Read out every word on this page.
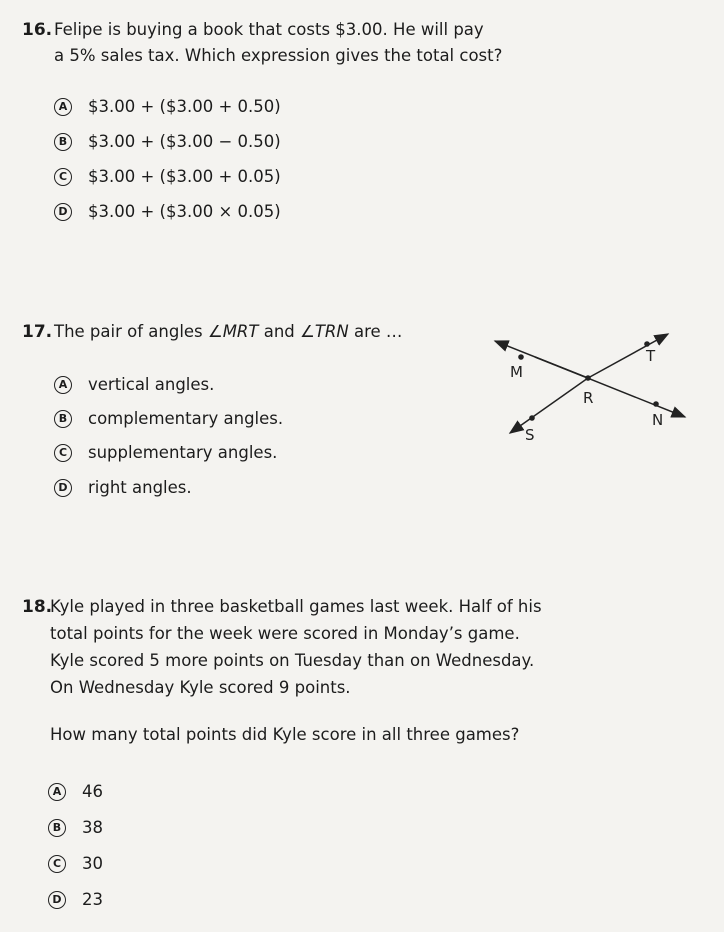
16. Felipe is buying a book that costs $3.00. He will pay
a 5% sales tax. Which expression gives the total cost?
A $3.00 + ($3.00 + 0.50)
B $3.00 + ($3.00 − 0.50)
C	$3.00 + ($3.00 + 0.05)
D $3.00 + ($3.00 × 0.05)
17. The pair of angles ∠MRT and ∠TRN are …
A vertical angles.
B complementary angles.
C	supplementary angles.
D right angles.
M
T
R
N
S
18.
Kyle played in three basketball games last week. Half of his
total points for the week were scored in Monday’s game.
Kyle scored 5 more points on Tuesday than on Wednesday.
On Wednesday Kyle scored 9 points.
How many total points did Kyle score in all three games?
A 46
B 38
C	30
D 23
